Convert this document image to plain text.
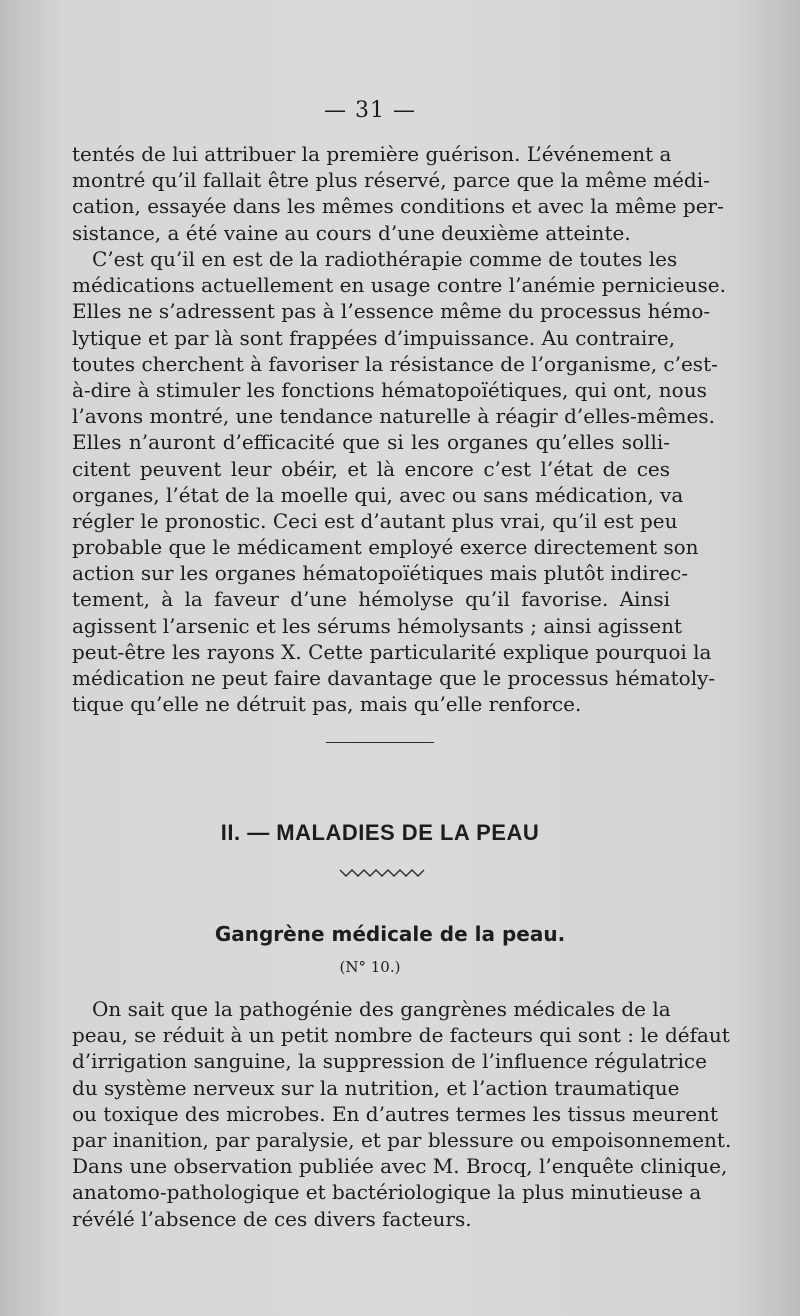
— 31 —
tentés de lui attribuer la première guérison. L’événement a
montré qu’il fallait être plus réservé, parce que la même médi-
cation, essayée dans les mêmes conditions et avec la même per-
sistance, a été vaine au cours d’une deuxième atteinte.
C’est qu’il en est de la radiothérapie comme de toutes les
médications actuellement en usage contre l’anémie pernicieuse.
Elles ne s’adressent pas à l’essence même du processus hémo-
lytique et par là sont frappées d’impuissance. Au contraire,
toutes cherchent à favoriser la résistance de l’organisme, c’est-
à-dire à stimuler les fonctions hématopoïétiques, qui ont, nous
l’avons montré, une tendance naturelle à réagir d’elles-mêmes.
Elles n’auront d’efficacité que si les organes qu’elles solli-
citent peuvent leur obéir, et là encore c’est l’état de ces
organes, l’état de la moelle qui, avec ou sans médication, va
régler le pronostic. Ceci est d’autant plus vrai, qu’il est peu
probable que le médicament employé exerce directement son
action sur les organes hématopoïétiques mais plutôt indirec-
tement, à la faveur d’une hémolyse qu’il favorise. Ainsi
agissent l’arsenic et les sérums hémolysants ; ainsi agissent
peut-être les rayons X. Cette particularité explique pourquoi la
médication ne peut faire davantage que le processus hématoly-
tique qu’elle ne détruit pas, mais qu’elle renforce.
II. — MALADIES DE LA PEAU
Gangrène médicale de la peau.
(N° 10.)
On sait que la pathogénie des gangrènes médicales de la
peau, se réduit à un petit nombre de facteurs qui sont : le défaut
d’irrigation sanguine, la suppression de l’influence régulatrice
du système nerveux sur la nutrition, et l’action traumatique
ou toxique des microbes. En d’autres termes les tissus meurent
par inanition, par paralysie, et par blessure ou empoisonnement.
Dans une observation publiée avec M. Brocq, l’enquête clinique,
anatomo-pathologique et bactériologique la plus minutieuse a
révélé l’absence de ces divers facteurs.
